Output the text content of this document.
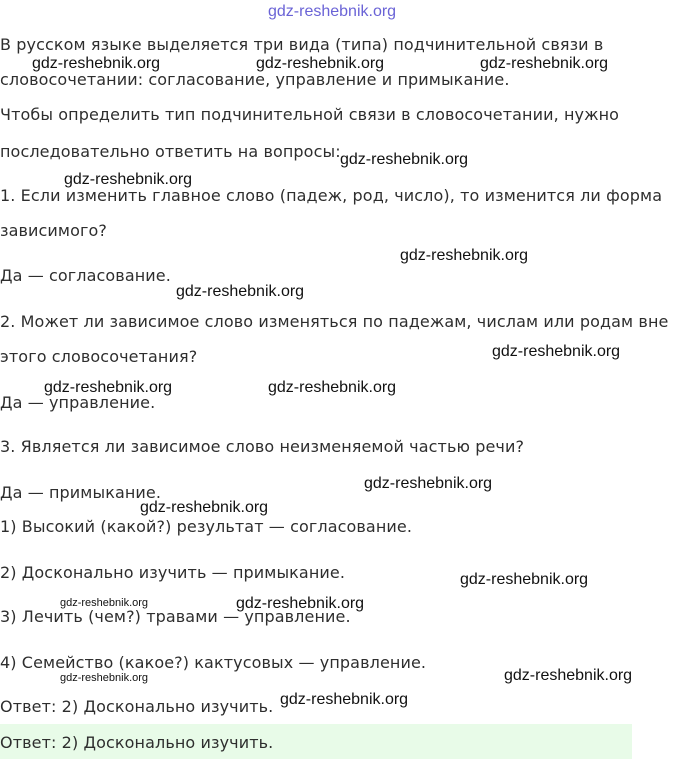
gdz-reshebnik.org
В русском языке выделяется три вида (типа) подчинительной связи в
словосочетании: согласование, управление и примыкание.
Чтобы определить тип подчинительной связи в словосочетании, нужно
последовательно ответить на вопросы:
1. Если изменить главное слово (падеж, род, число), то изменится ли форма
зависимого?
Да — согласование.
2. Может ли зависимое слово изменяться по падежам, числам или родам вне
этого словосочетания?
Да — управление.
3. Является ли зависимое слово неизменяемой частью речи?
Да — примыкание.
1) Высокий (какой?) результат — согласование.
2) Досконально изучить — примыкание.
3) Лечить (чем?) травами — управление.
4) Семейство (какое?) кактусовых — управление.
Ответ: 2) Досконально изучить.
Ответ: 2) Досконально изучить.
gdz-reshebnik.org	gdz-reshebnik.org	gdz-reshebnik.org
gdz-reshebnik.org
gdz-reshebnik.org
gdz-reshebnik.org
gdz-reshebnik.org
gdz-reshebnik.org
gdz-reshebnik.org	gdz-reshebnik.org
gdz-reshebnik.org
gdz-reshebnik.org
gdz-reshebnik.org
gdz-reshebnik.org	gdz-reshebnik.org
gdz-reshebnik.org
gdz-reshebnik.org
gdz-reshebnik.org
